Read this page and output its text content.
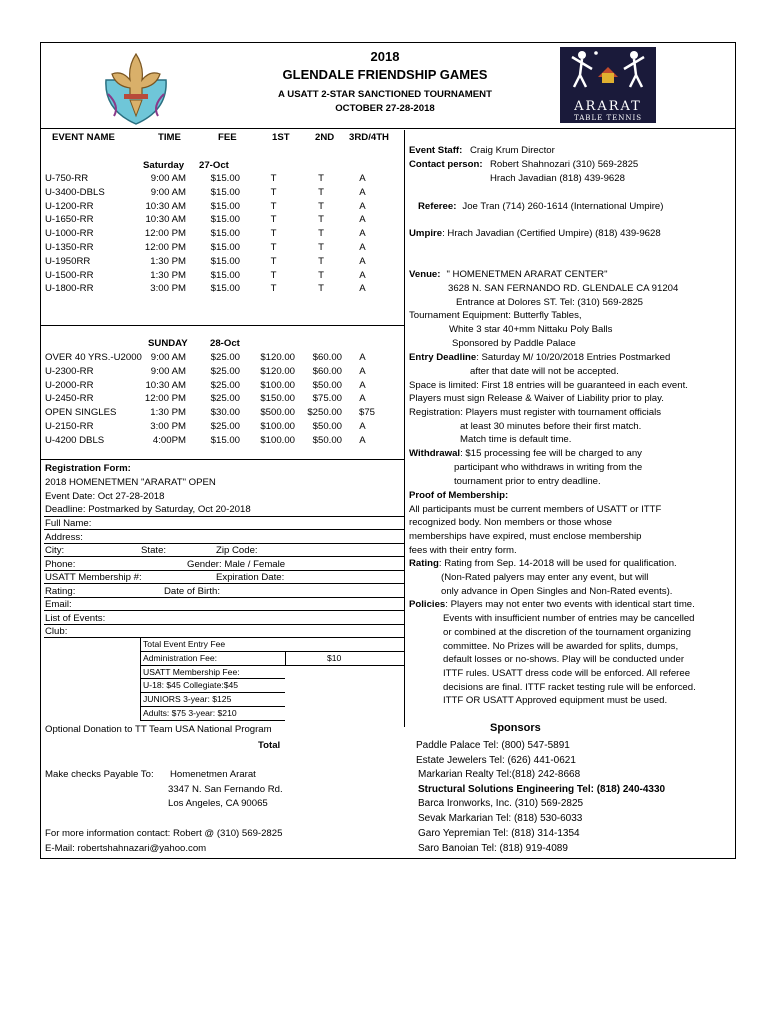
ARARAT
TABLE TENNIS
2018
GLENDALE FRIENDSHIP GAMES
A USATT 2-STAR SANCTIONED TOURNAMENT
OCTOBER 27-28-2018
EVENT NAME	TIME	FEE	1ST	2ND 3RD/4TH
Saturday 27-Oct
U-750-RR	9:00 AM	$15.00	T	T	A
U-3400-DBLS	9:00 AM	$15.00	T	T	A
U-1200-RR	10:30 AM	$15.00	T	T	A
U-1650-RR	10:30 AM	$15.00	T	T	A
U-1000-RR	12:00 PM	$15.00	T	T	A
U-1350-RR	12:00 PM	$15.00	T	T	A
U-1950RR	1:30 PM	$15.00	T	T	A
U-1500-RR	1:30 PM	$15.00	T	T	A
U-1800-RR	3:00 PM	$15.00	T	T	A
SUNDAY 28-Oct
OVER 40 YRS.-U2000 9:00 AM	$25.00	$120.00	$60.00	A
U-2300-RR	9:00 AM	$25.00	$120.00	$60.00	A
U-2000-RR	10:30 AM	$25.00	$100.00	$50.00	A
U-2450-RR	12:00 PM	$25.00	$150.00	$75.00	A
OPEN SINGLES	1:30 PM	$30.00	$500.00	$250.00	$75
U-2150-RR	3:00 PM	$25.00	$100.00	$50.00	A
U-4200 DBLS	4:00PM	$15.00	$100.00	$50.00	A
Registration Form:
2018 HOMENETMEN "ARARAT" OPEN
Event Date: Oct 27-28-2018
Deadline: Postmarked by Saturday, Oct 20-2018
Full Name:
Address:
City:	State:	Zip Code:
Phone:	Gender: Male / Female
USATT Membership #:	Expiration Date:
Rating:	Date of Birth:
Email:
List of Events:
Club:
Total Event Entry Fee
Administration Fee:	$10
USATT Membership Fee:
U-18: $45 Collegiate:$45
JUNIORS 3-year: $125
Adults: $75 3-year: $210
Optional Donation to TT Team USA National Program
Total
Make checks Payable To: Homenetmen Ararat
3347 N. San Fernando Rd.
Los Angeles, CA 90065
For more information contact: Robert @ (310) 569-2825
E-Mail: robertshahnazari@yahoo.com
Event Staff: Craig Krum Director
Contact person: Robert Shahnozari (310) 569-2825
Hrach Javadian (818) 439-9628
Referee: Joe Tran (714) 260-1614 (International Umpire)
Umpire: Hrach Javadian (Certified Umpire) (818) 439-9628
Venue: " HOMENETMEN ARARAT CENTER"
3628 N. SAN FERNANDO RD. GLENDALE CA 91204
Entrance at Dolores ST. Tel: (310) 569-2825
Tournament Equipment: Butterfly Tables,
White 3 star 40+mm Nittaku Poly Balls
Sponsored by Paddle Palace
Entry Deadline: Saturday M/ 10/20/2018 Entries Postmarked
after that date will not be accepted.
Space is limited: First 18 entries will be guaranteed in each event.
Players must sign Release & Waiver of Liability prior to play.
Registration: Players must register with tournament officials
at least 30 minutes before their first match.
Match time is default time.
Withdrawal: $15 processing fee will be charged to any
participant who withdraws in writing from the
tournament prior to entry deadline.
Proof of Membership:
All participants must be current members of USATT or ITTF
recognized body. Non members or those whose
memberships have expired, must enclose membership
fees with their entry form.
Rating: Rating from Sep. 14-2018 will be used for qualification.
(Non-Rated palyers may enter any event, but will
only advance in Open Singles and Non-Rated events).
Policies: Players may not enter two events with identical start time.
Events with insufficient number of entries may be cancelled
or combined at the discretion of the tournament organizing
committee. No Prizes will be awarded for splits, dumps,
default losses or no-shows. Play will be conducted under
ITTF rules. USATT dress code will be enforced. All referee
decisions are final. ITTF racket testing rule will be enforced.
ITTF OR USATT Approved equipment must be used.
Sponsors
Paddle Palace Tel: (800) 547-5891
Estate Jewelers Tel: (626) 441-0621
Markarian Realty Tel:(818) 242-8668
Structural Solutions Engineering Tel: (818) 240-4330
Barca Ironworks, Inc. (310) 569-2825
Sevak Markarian Tel: (818) 530-6033
Garo Yepremian Tel: (818) 314-1354
Saro Banoian Tel: (818) 919-4089
